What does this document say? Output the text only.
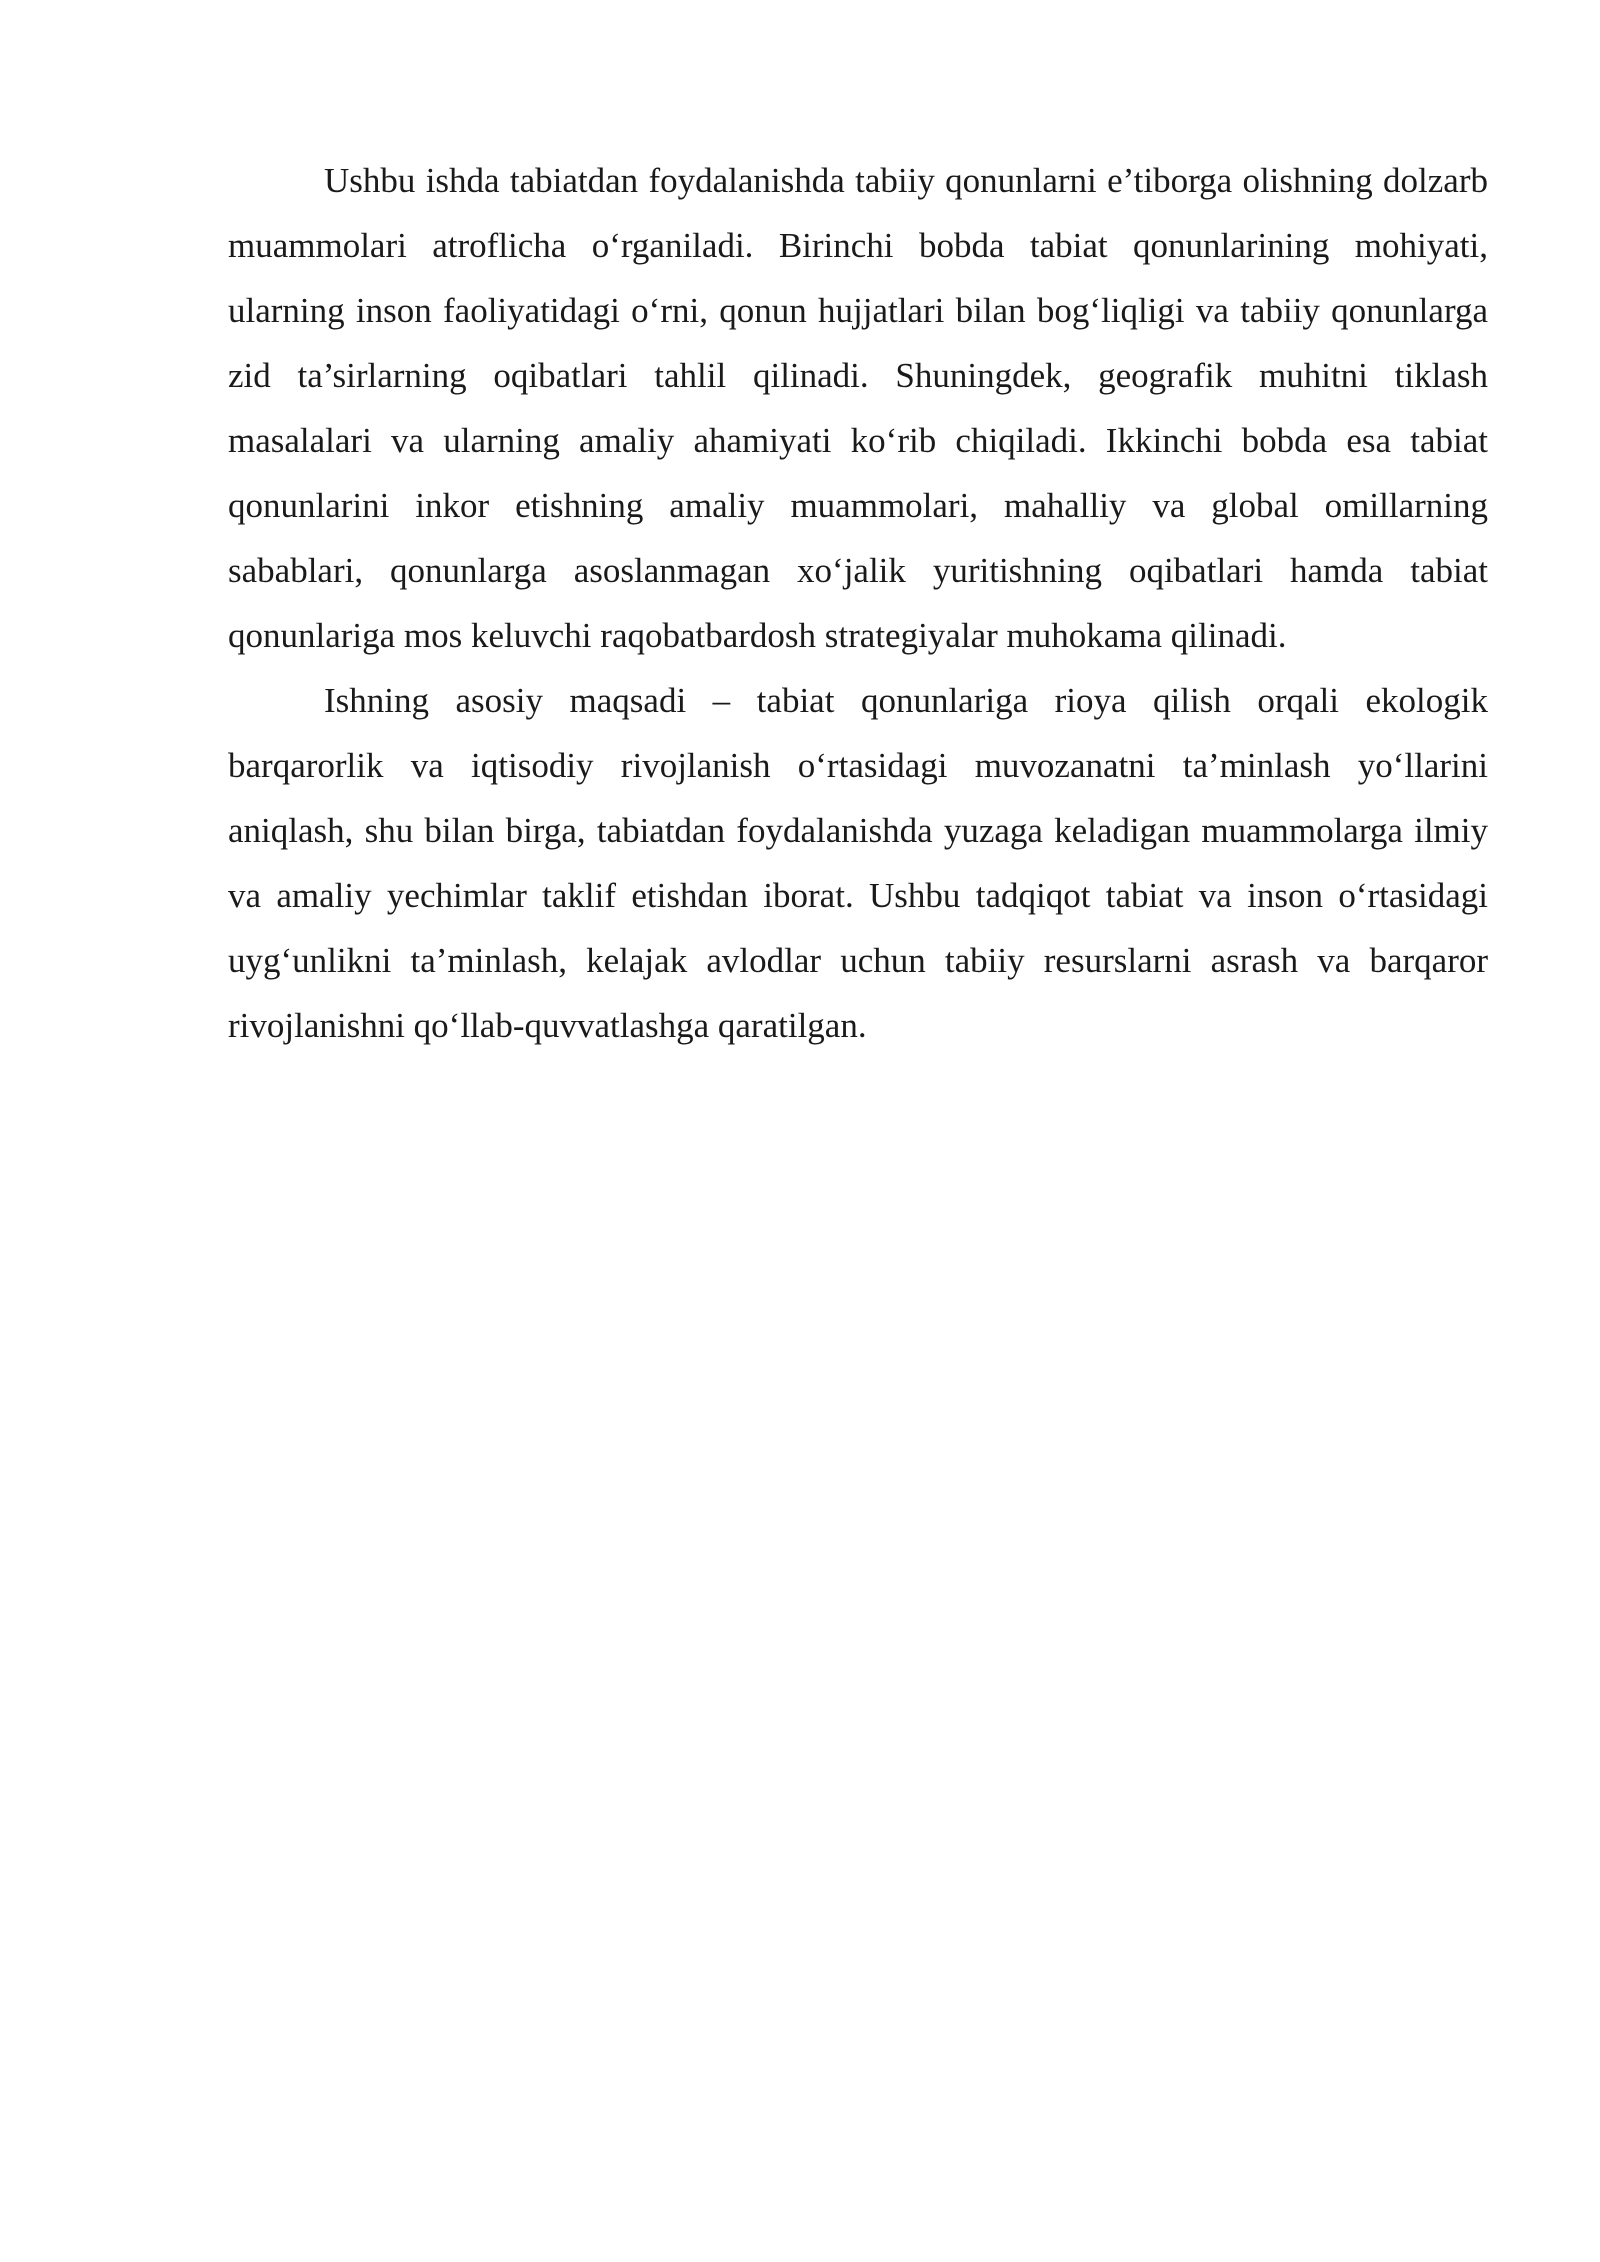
Ushbu ishda tabiatdan foydalanishda tabiiy qonunlarni e’tiborga olishning dolzarb muammolari atroflicha o‘rganiladi. Birinchi bobda tabiat qonunlarining mohiyati, ularning inson faoliyatidagi o‘rni, qonun hujjatlari bilan bog‘liqligi va tabiiy qonunlarga zid ta’sirlarning oqibatlari tahlil qilinadi. Shuningdek, geografik muhitni tiklash masalalari va ularning amaliy ahamiyati ko‘rib chiqiladi. Ikkinchi bobda esa tabiat qonunlarini inkor etishning amaliy muammolari, mahalliy va global omillarning sabablari, qonunlarga asoslanmagan xo‘jalik yuritishning oqibatlari hamda tabiat qonunlariga mos keluvchi raqobatbardosh strategiyalar muhokama qilinadi.

Ishning asosiy maqsadi – tabiat qonunlariga rioya qilish orqali ekologik barqarorlik va iqtisodiy rivojlanish o‘rtasidagi muvozanatni ta’minlash yo‘llarini aniqlash, shu bilan birga, tabiatdan foydalanishda yuzaga keladigan muammolarga ilmiy va amaliy yechimlar taklif etishdan iborat. Ushbu tadqiqot tabiat va inson o‘rtasidagi uyg‘unlikni ta’minlash, kelajak avlodlar uchun tabiiy resurslarni asrash va barqaror rivojlanishni qo‘llab-quvvatlashga qaratilgan.
